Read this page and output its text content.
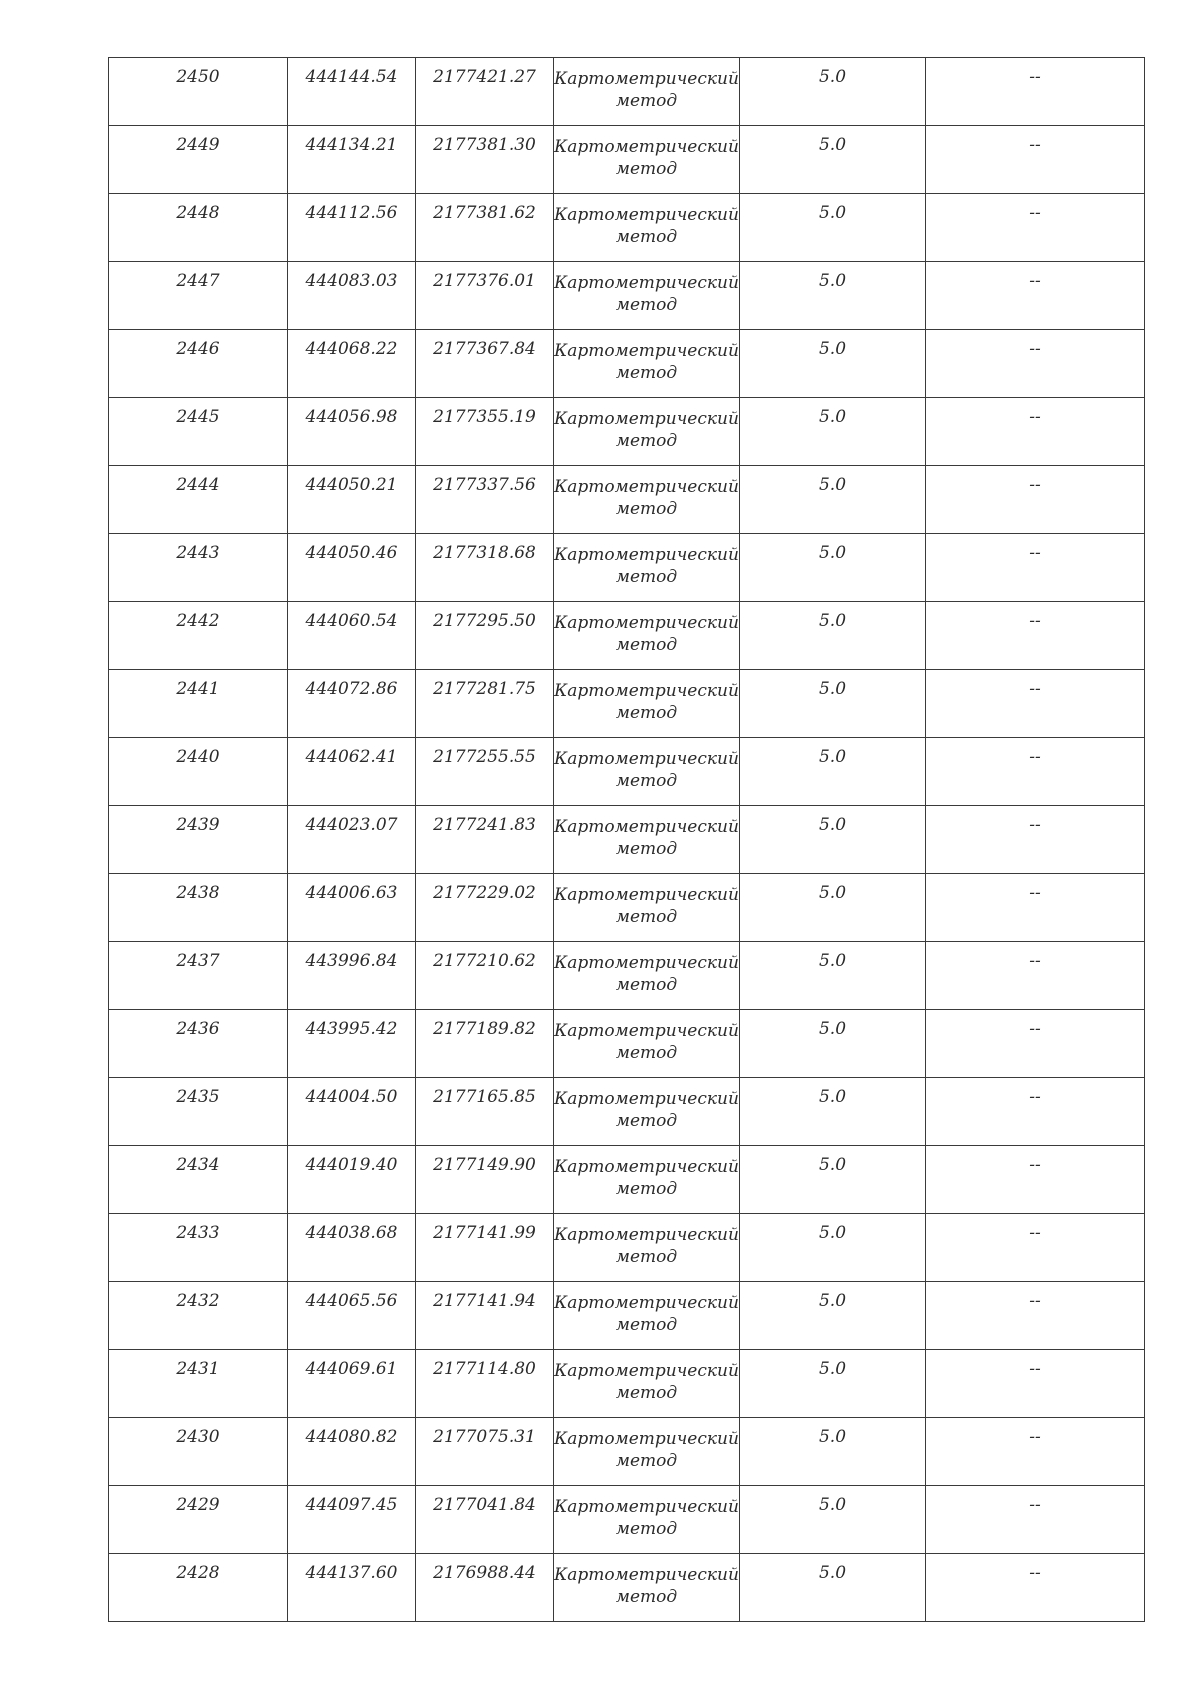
2450	444144.54	2177421.27	Картометрический метод	5.0	--

2449	444134.21	2177381.30	Картометрический метод	5.0	--

2448	444112.56	2177381.62	Картометрический метод	5.0	--

2447	444083.03	2177376.01	Картометрический метод	5.0	--

2446	444068.22	2177367.84	Картометрический метод	5.0	--

2445	444056.98	2177355.19	Картометрический метод	5.0	--

2444	444050.21	2177337.56	Картометрический метод	5.0	--

2443	444050.46	2177318.68	Картометрический метод	5.0	--

2442	444060.54	2177295.50	Картометрический метод	5.0	--

2441	444072.86	2177281.75	Картометрический метод	5.0	--

2440	444062.41	2177255.55	Картометрический метод	5.0	--

2439	444023.07	2177241.83	Картометрический метод	5.0	--

2438	444006.63	2177229.02	Картометрический метод	5.0	--

2437	443996.84	2177210.62	Картометрический метод	5.0	--

2436	443995.42	2177189.82	Картометрический метод	5.0	--

2435	444004.50	2177165.85	Картометрический метод	5.0	--

2434	444019.40	2177149.90	Картометрический метод	5.0	--

2433	444038.68	2177141.99	Картометрический метод	5.0	--

2432	444065.56	2177141.94	Картометрический метод	5.0	--

2431	444069.61	2177114.80	Картометрический метод	5.0	--

2430	444080.82	2177075.31	Картометрический метод	5.0	--

2429	444097.45	2177041.84	Картометрический метод	5.0	--

2428	444137.60	2176988.44	Картометрический метод	5.0	--
